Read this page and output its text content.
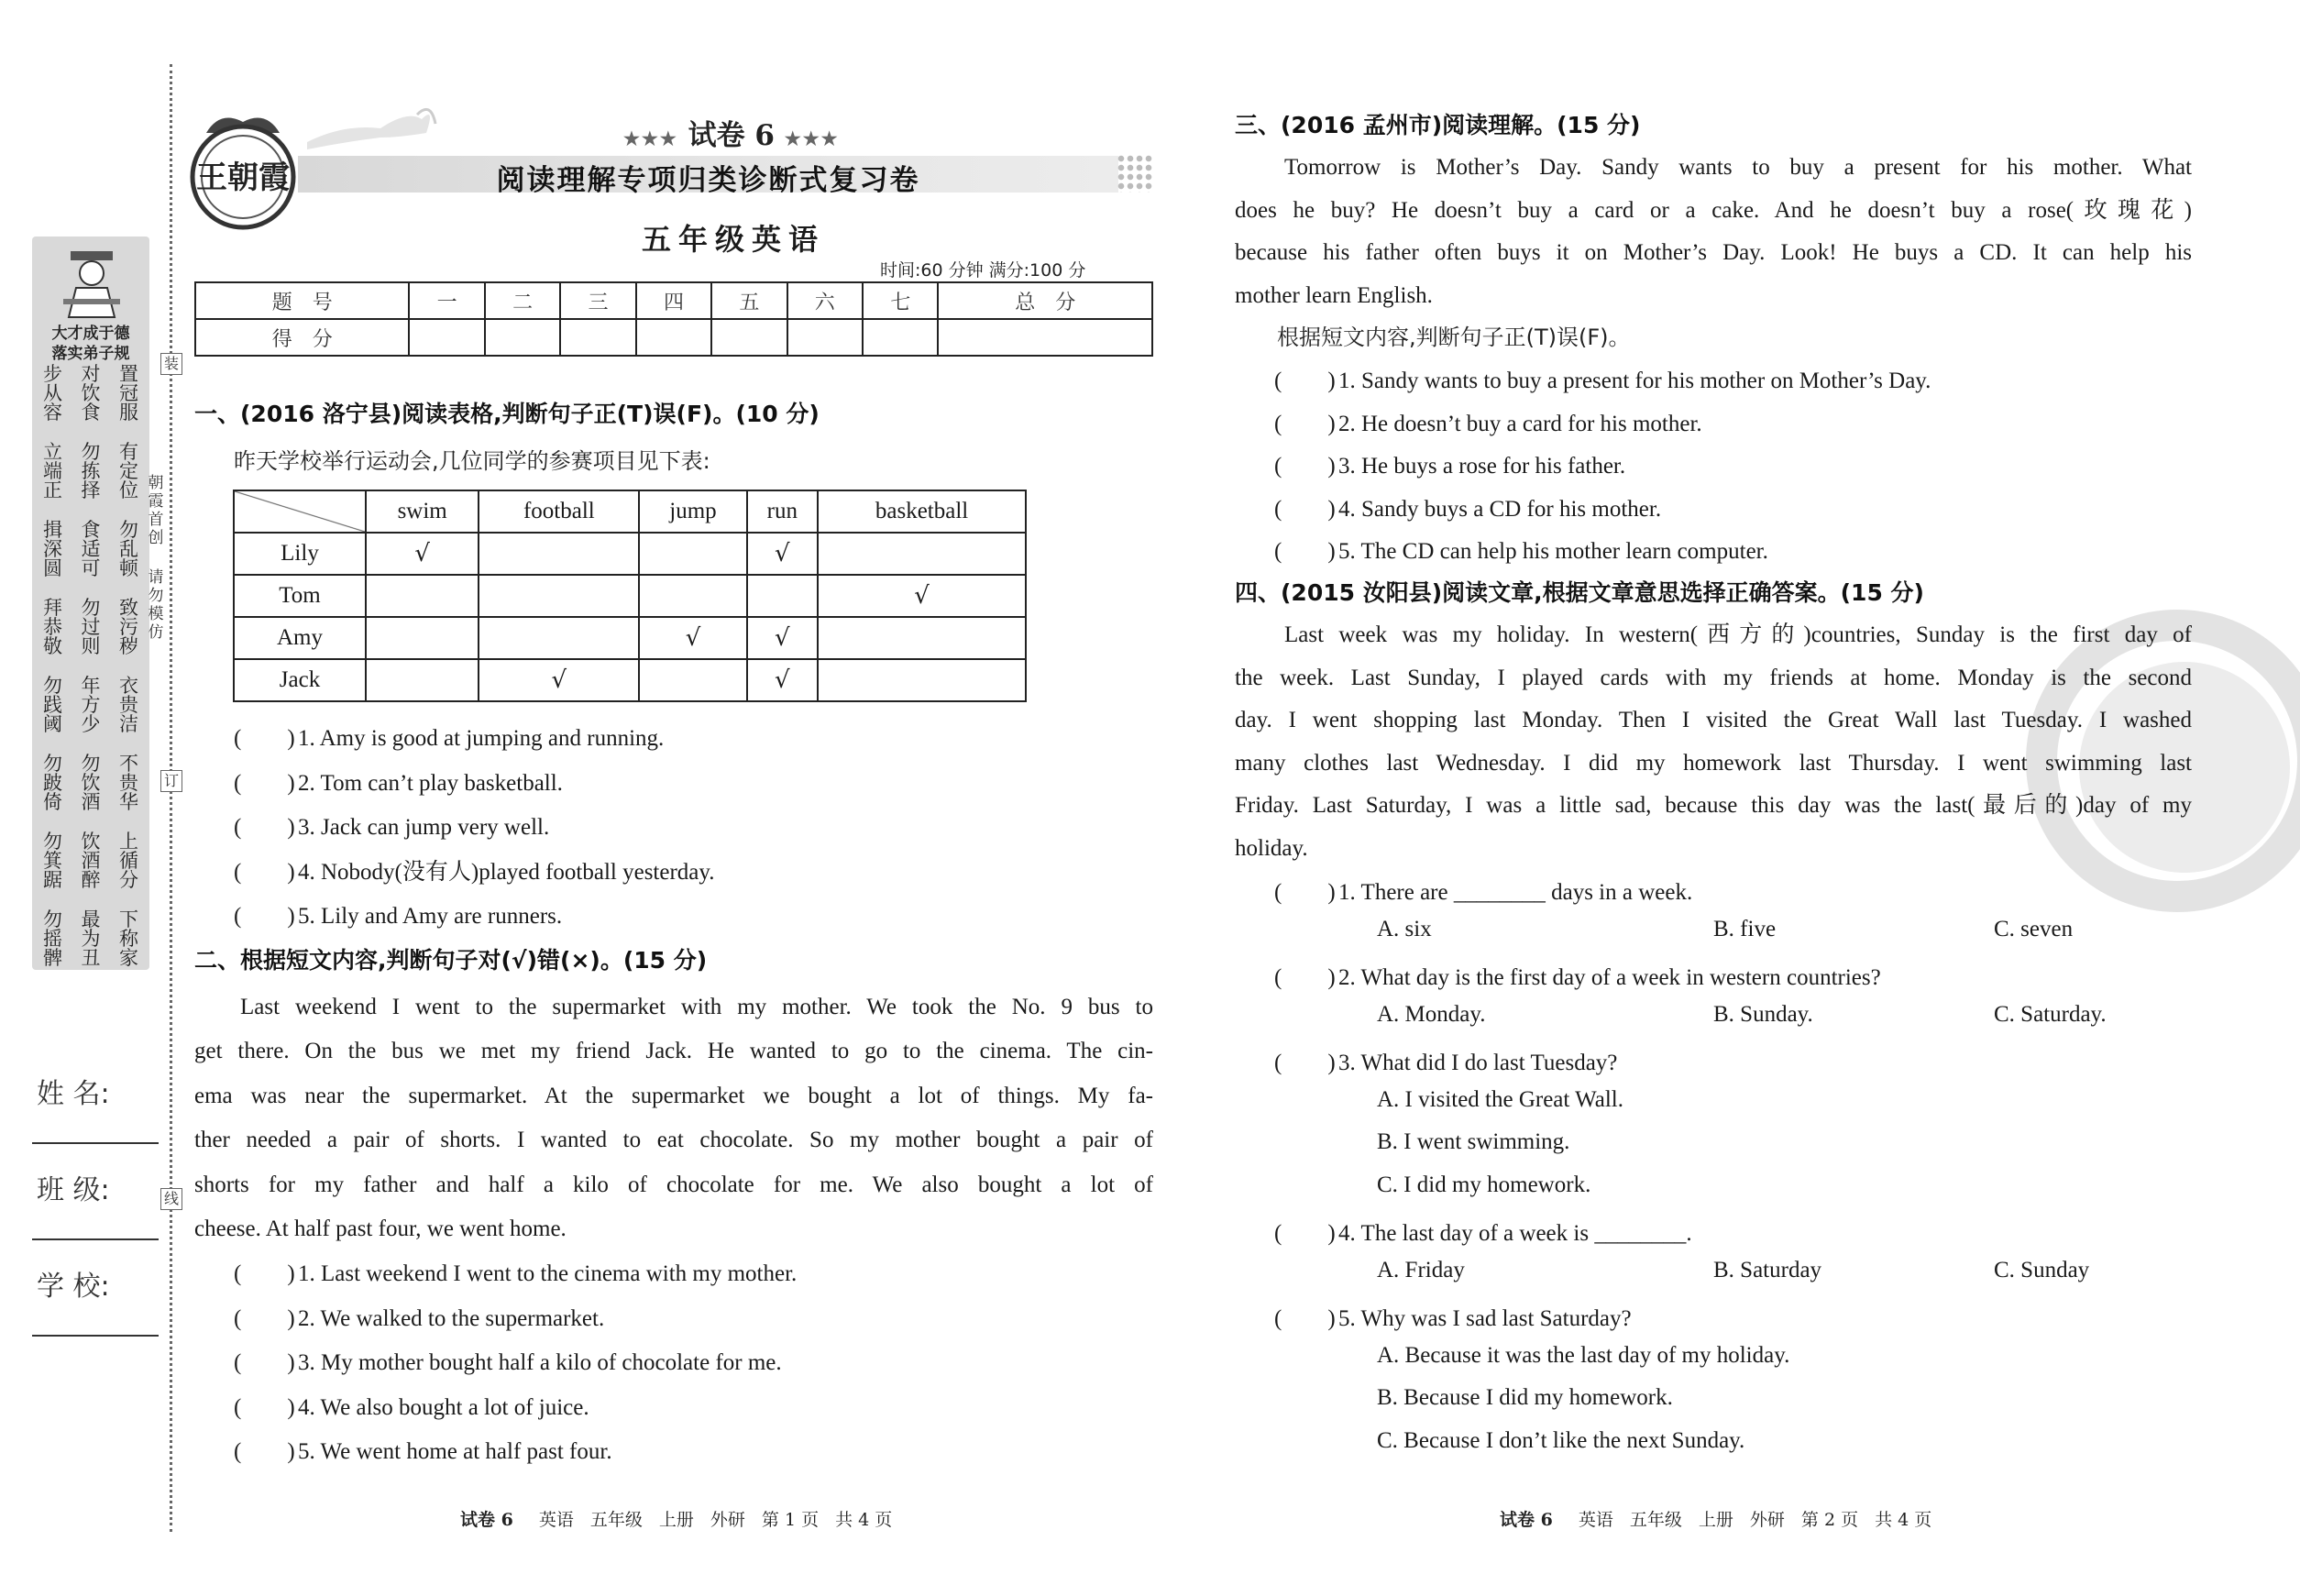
大才成于德
落实弟子规
步
从
容
立
端
正
揖
深
圆
拜
恭
敬
勿
践
阈
勿
跛
倚
勿
箕
踞
勿
摇
髀
对
饮
食
勿
拣
择
食
适
可
勿
过
则
年
方
少
勿
饮
酒
饮
酒
醉
最
为
丑
置
冠
服
有
定
位
勿
乱
顿
致
污
秽
衣
贵
洁
不
贵
华
上
循
分
下
称
家
朝
霞
首
创
请
勿
模
仿
装
订
线
姓 名:
班 级:
学 校:
王朝霞
★★★ 试卷 6 ★★★
阅读理解专项归类诊断式复习卷
五年级英语
时间:60 分钟 满分:100 分
题　号	一	二	三	四	五	六	七	总　分
得　分								
一、(2016 洛宁县)阅读表格,判断句子正(T)误(F)。(10 分)
昨天学校举行运动会,几位同学的参赛项目见下表:
	swim	football	jump	run	basketball
Lily	√			√	
Tom					√
Amy			√	√	
Jack		√		√	
(　　) 1. Amy is good at jumping and running.
(　　) 2. Tom can’t play basketball.
(　　) 3. Jack can jump very well.
(　　) 4. Nobody(没有人)played football yesterday.
(　　) 5. Lily and Amy are runners.
二、根据短文内容,判断句子对(√)错(×)。(15 分)
Last weekend I went to the supermarket with my mother. We took the No. 9 bus to
get there. On the bus we met my friend Jack. He wanted to go to the cinema. The cin-
ema was near the supermarket. At the supermarket we bought a lot of things. My fa-
ther needed a pair of shorts. I wanted to eat chocolate. So my mother bought a pair of
shorts for my father and half a kilo of chocolate for me. We also bought a lot of
cheese. At half past four, we went home.
(　　) 1. Last weekend I went to the cinema with my mother.
(　　) 2. We walked to the supermarket.
(　　) 3. My mother bought half a kilo of chocolate for me.
(　　) 4. We also bought a lot of juice.
(　　) 5. We went home at half past four.
三、(2016 孟州市)阅读理解。(15 分)
Tomorrow is Mother’s Day. Sandy wants to buy a present for his mother. What
does he buy? He doesn’t buy a card or a cake. And he doesn’t buy a rose(玫瑰花)
because his father often buys it on Mother’s Day. Look! He buys a CD. It can help his
mother learn English.
根据短文内容,判断句子正(T)误(F)。
(　　) 1. Sandy wants to buy a present for his mother on Mother’s Day.
(　　) 2. He doesn’t buy a card for his mother.
(　　) 3. He buys a rose for his father.
(　　) 4. Sandy buys a CD for his mother.
(　　) 5. The CD can help his mother learn computer.
四、(2015 汝阳县)阅读文章,根据文章意思选择正确答案。(15 分)
Last week was my holiday. In western(西方的)countries, Sunday is the first day of
the week. Last Sunday, I played cards with my friends at home. Monday is the second
day. I went shopping last Monday. Then I visited the Great Wall last Tuesday. I washed
many clothes last Wednesday. I did my homework last Thursday. I went swimming last
Friday. Last Saturday, I was a little sad, because this day was the last(最后的)day of my
holiday.
(　　) 1. There are ________ days in a week.
A. six	B. five	C. seven
(　　) 2. What day is the first day of a week in western countries?
A. Monday.	B. Sunday.	C. Saturday.
(　　) 3. What did I do last Tuesday?
A. I visited the Great Wall.
B. I went swimming.
C. I did my homework.
(　　) 4. The last day of a week is ________.
A. Friday	B. Saturday	C. Sunday
(　　) 5. Why was I sad last Saturday?
A. Because it was the last day of my holiday.
B. Because I did my homework.
C. Because I don’t like the next Sunday.
试卷 6 英语 五年级 上册 外研 第 1 页 共 4 页	试卷 6 英语 五年级 上册 外研 第 2 页 共 4 页
